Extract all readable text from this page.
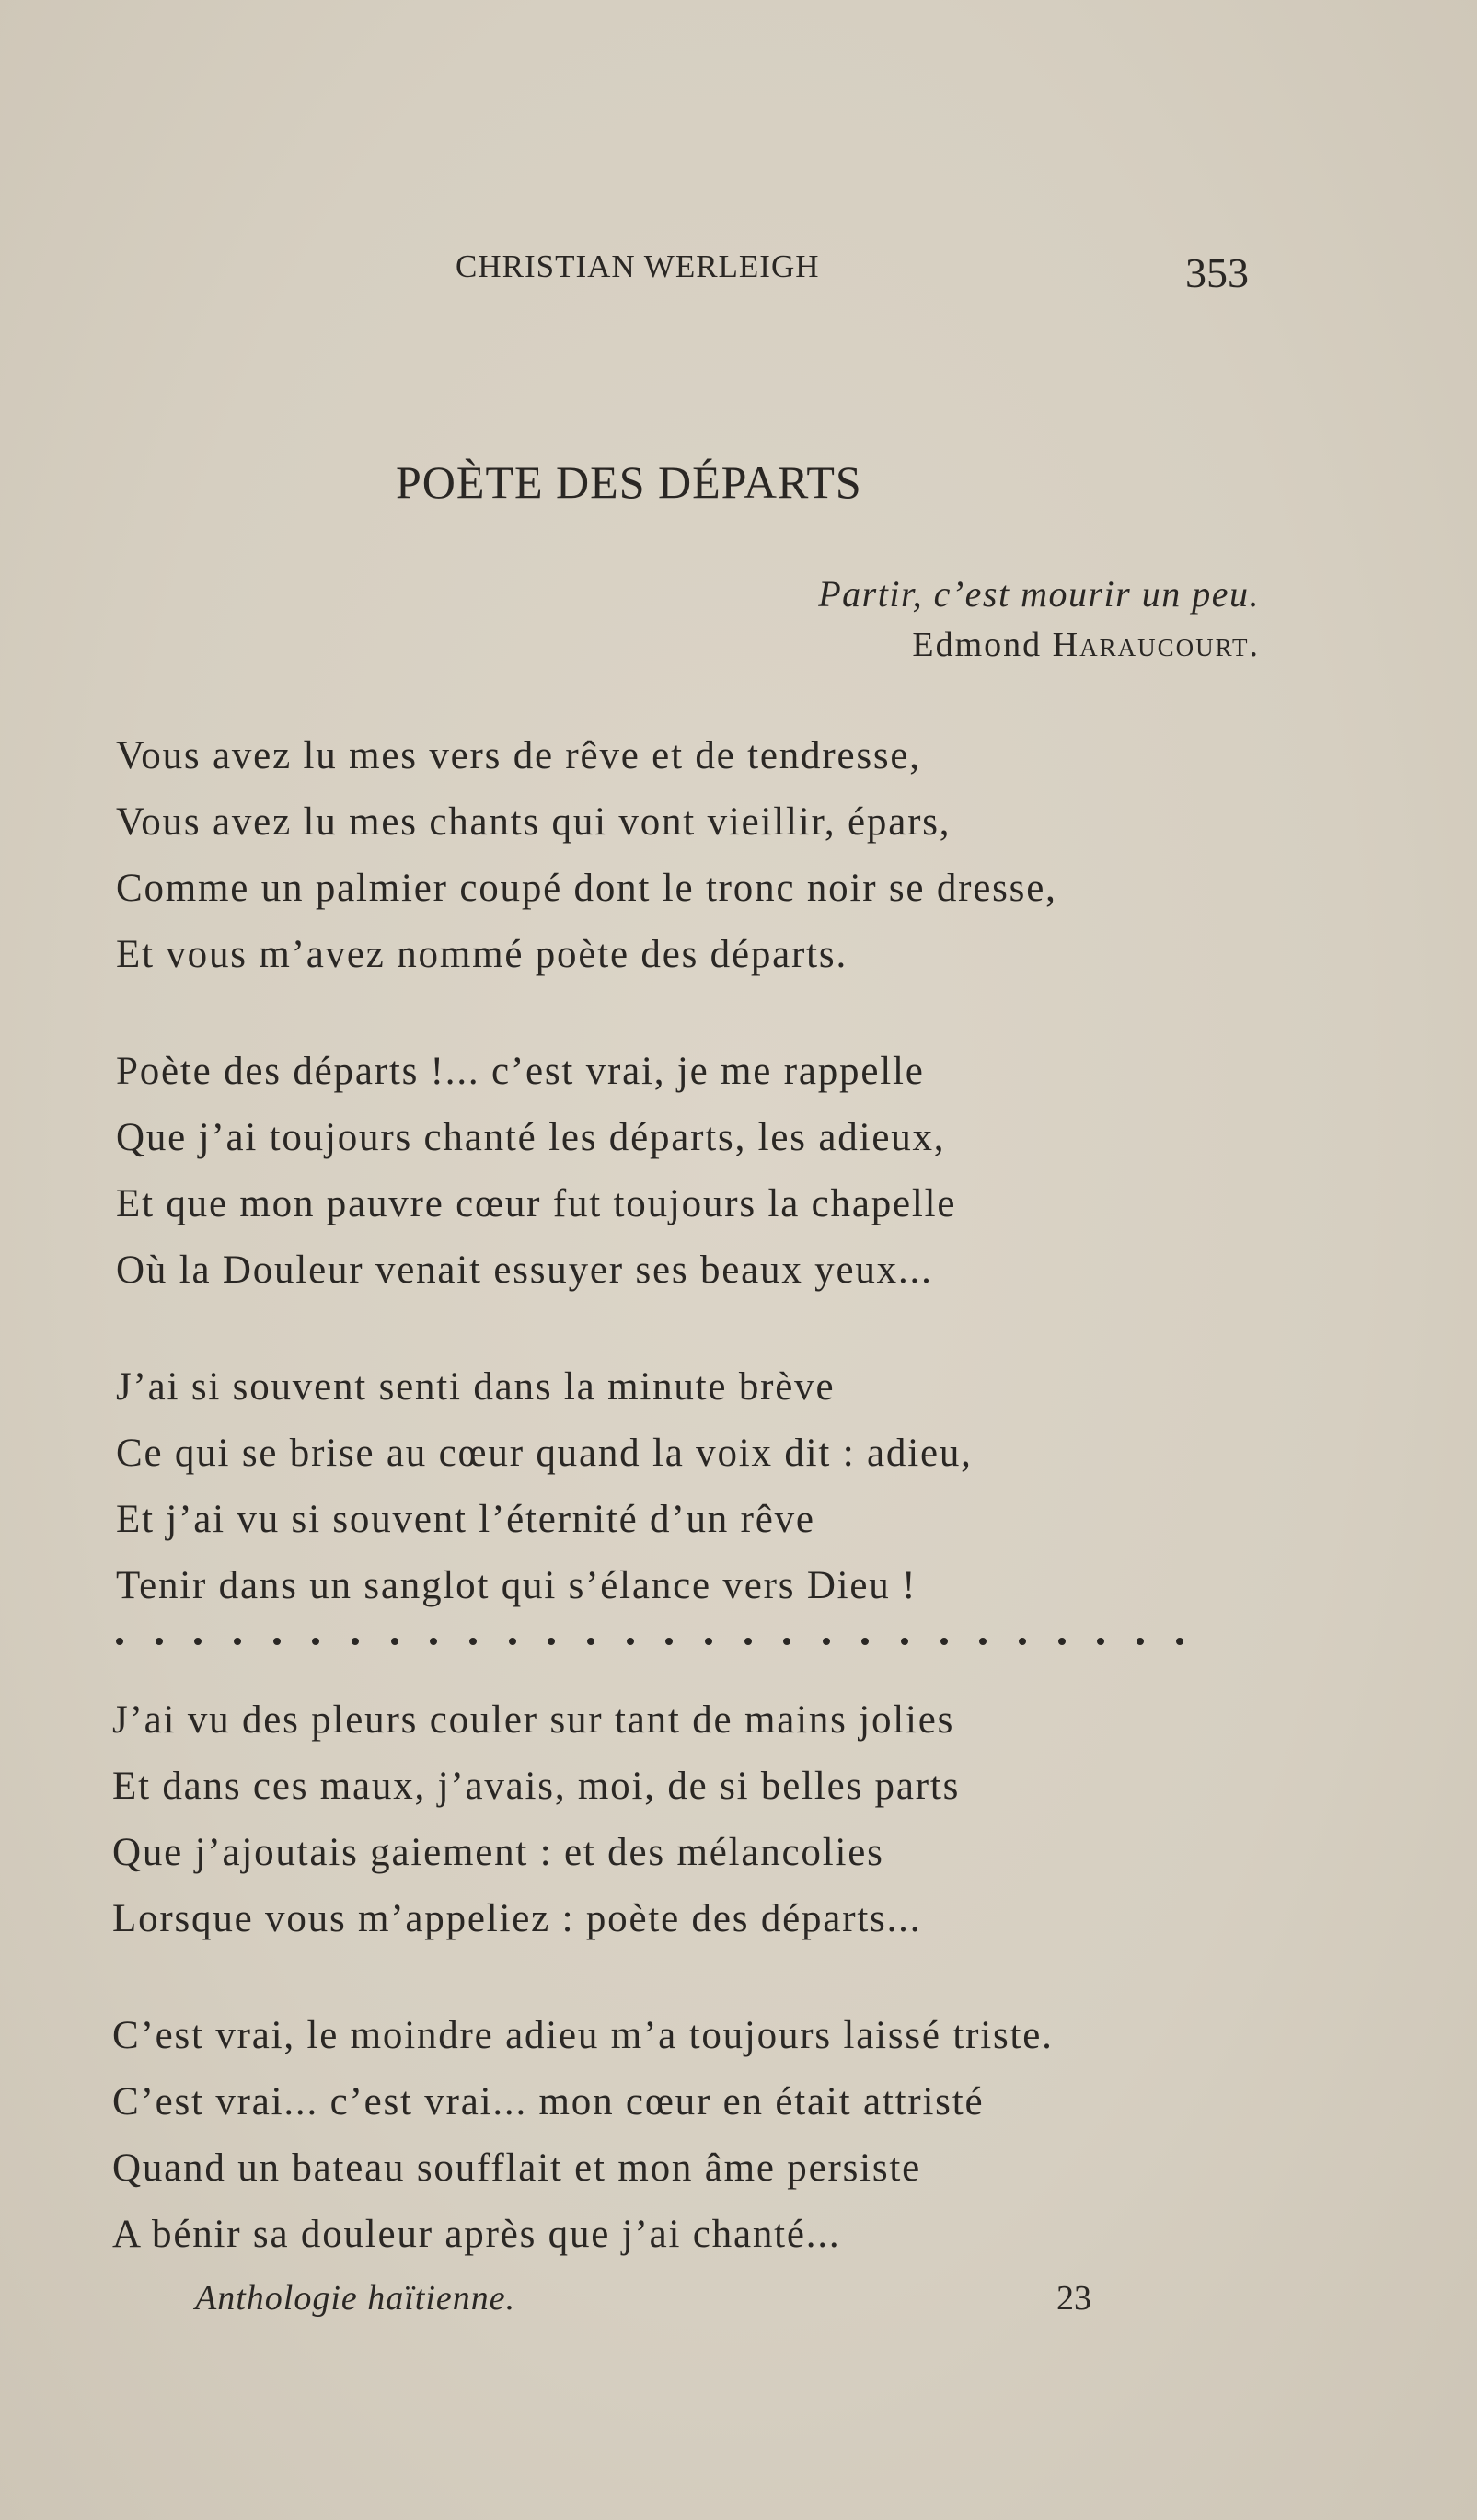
CHRISTIAN WERLEIGH	353
POÈTE DES DÉPARTS
Partir, c’est mourir un peu.
Edmond Haraucourt.
Vous avez lu mes vers de rêve et de tendresse,
Vous avez lu mes chants qui vont vieillir, épars,
Comme un palmier coupé dont le tronc noir se dresse,
Et vous m’avez nommé poète des départs.
Poète des départs !... c’est vrai, je me rappelle
Que j’ai toujours chanté les départs, les adieux,
Et que mon pauvre cœur fut toujours la chapelle
Où la Douleur venait essuyer ses beaux yeux...
J’ai si souvent senti dans la minute brève
Ce qui se brise au cœur quand la voix dit : adieu,
Et j’ai vu si souvent l’éternité d’un rêve
Tenir dans un sanglot qui s’élance vers Dieu !
J’ai vu des pleurs couler sur tant de mains jolies
Et dans ces maux, j’avais, moi, de si belles parts
Que j’ajoutais gaiement : et des mélancolies
Lorsque vous m’appeliez : poète des départs...
C’est vrai, le moindre adieu m’a toujours laissé triste.
C’est vrai... c’est vrai... mon cœur en était attristé
Quand un bateau soufflait et mon âme persiste
A bénir sa douleur après que j’ai chanté...
Anthologie haïtienne.	23
